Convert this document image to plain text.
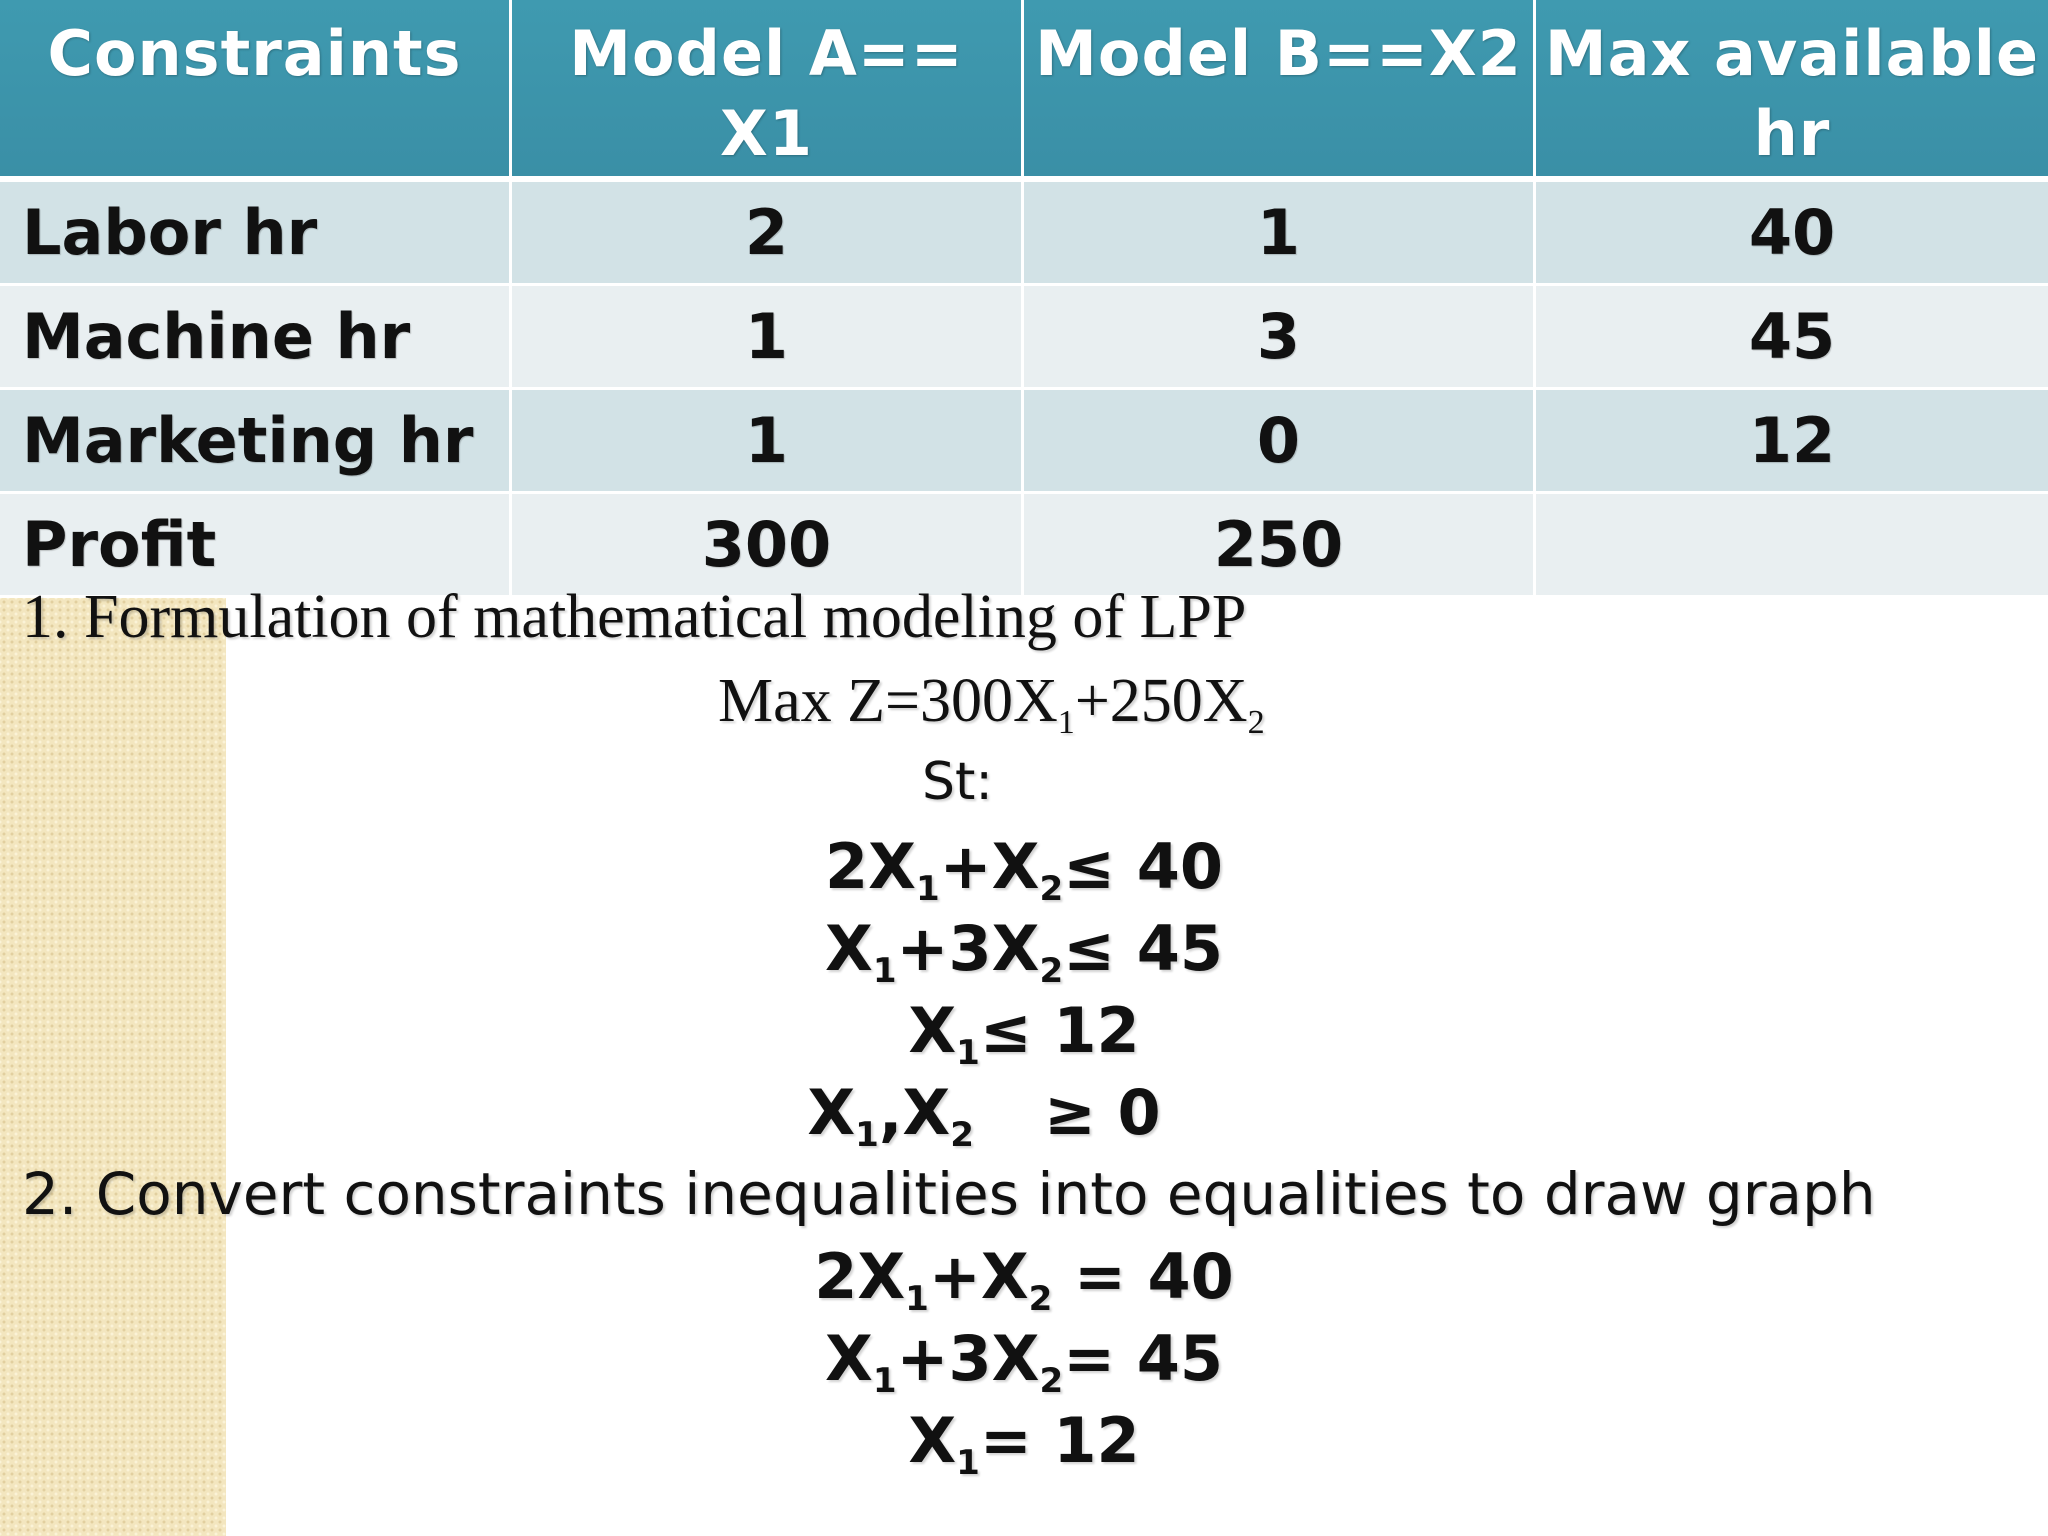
Constraints	Model A== X1	Model B==X2	Max available
hr
Labor hr	2	1	40
Machine hr	1	3	45
Marketing hr	1	0	12
Profit	300	250	
1. Formulation of mathematical modeling of LPP
Max $Z=300X_1+250X_2$
St:
$2X_1+X_2\le 40$
$X_1+3X_2\le 45$
$X_1\le 12$
$X_1,X_2 \ge 0$
2. Convert constraints inequalities into equalities to draw graph
$2X_1+X_2 = 40$
$X_1+3X_2= 45$
$X_1= 12$
